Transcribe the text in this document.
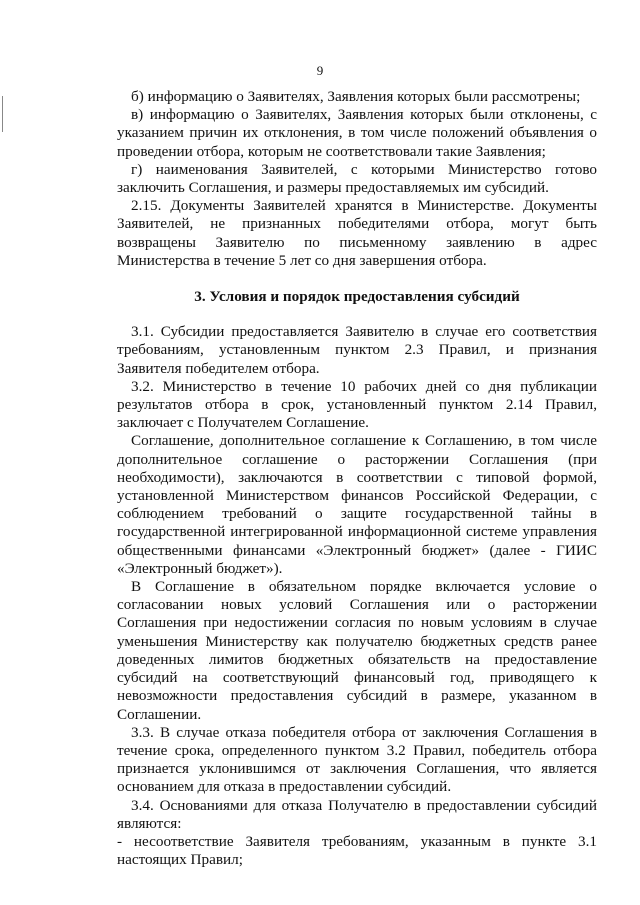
9

б) информацию о Заявителях, Заявления которых были рассмотрены;

в) информацию о Заявителях, Заявления которых были отклонены, с указанием причин их отклонения, в том числе положений объявления о проведении отбора, которым не соответствовали такие Заявления;

г) наименования Заявителей, с которыми Министерство готово заключить Соглашения, и размеры предоставляемых им субсидий.

2.15. Документы Заявителей хранятся в Министерстве. Документы Заявителей, не признанных победителями отбора, могут быть возвращены Заявителю по письменному заявлению в адрес Министерства в течение 5 лет со дня завершения отбора.

3. Условия и порядок предоставления субсидий

3.1. Субсидии предоставляется Заявителю в случае его соответствия требованиям, установленным пунктом 2.3 Правил, и признания Заявителя победителем отбора.

3.2. Министерство в течение 10 рабочих дней со дня публикации результатов отбора в срок, установленный пунктом 2.14 Правил, заключает с Получателем Соглашение.

Соглашение, дополнительное соглашение к Соглашению, в том числе дополнительное соглашение о расторжении Соглашения (при необходимости), заключаются в соответствии с типовой формой, установленной Министерством финансов Российской Федерации, с соблюдением требований о защите государственной тайны в государственной интегрированной информационной системе управления общественными финансами «Электронный бюджет» (далее - ГИИС «Электронный бюджет»).

В Соглашение в обязательном порядке включается условие о согласовании новых условий Соглашения или о расторжении Соглашения при недостижении согласия по новым условиям в случае уменьшения Министерству как получателю бюджетных средств ранее доведенных лимитов бюджетных обязательств на предоставление субсидий на соответствующий финансовый год, приводящего к невозможности предоставления субсидий в размере, указанном в Соглашении.

3.3. В случае отказа победителя отбора от заключения Соглашения в течение срока, определенного пунктом 3.2 Правил, победитель отбора признается уклонившимся от заключения Соглашения, что является основанием для отказа в предоставлении субсидий.

3.4. Основаниями для отказа Получателю в предоставлении субсидий являются:

- несоответствие Заявителя требованиям, указанным в пункте 3.1 настоящих Правил;
